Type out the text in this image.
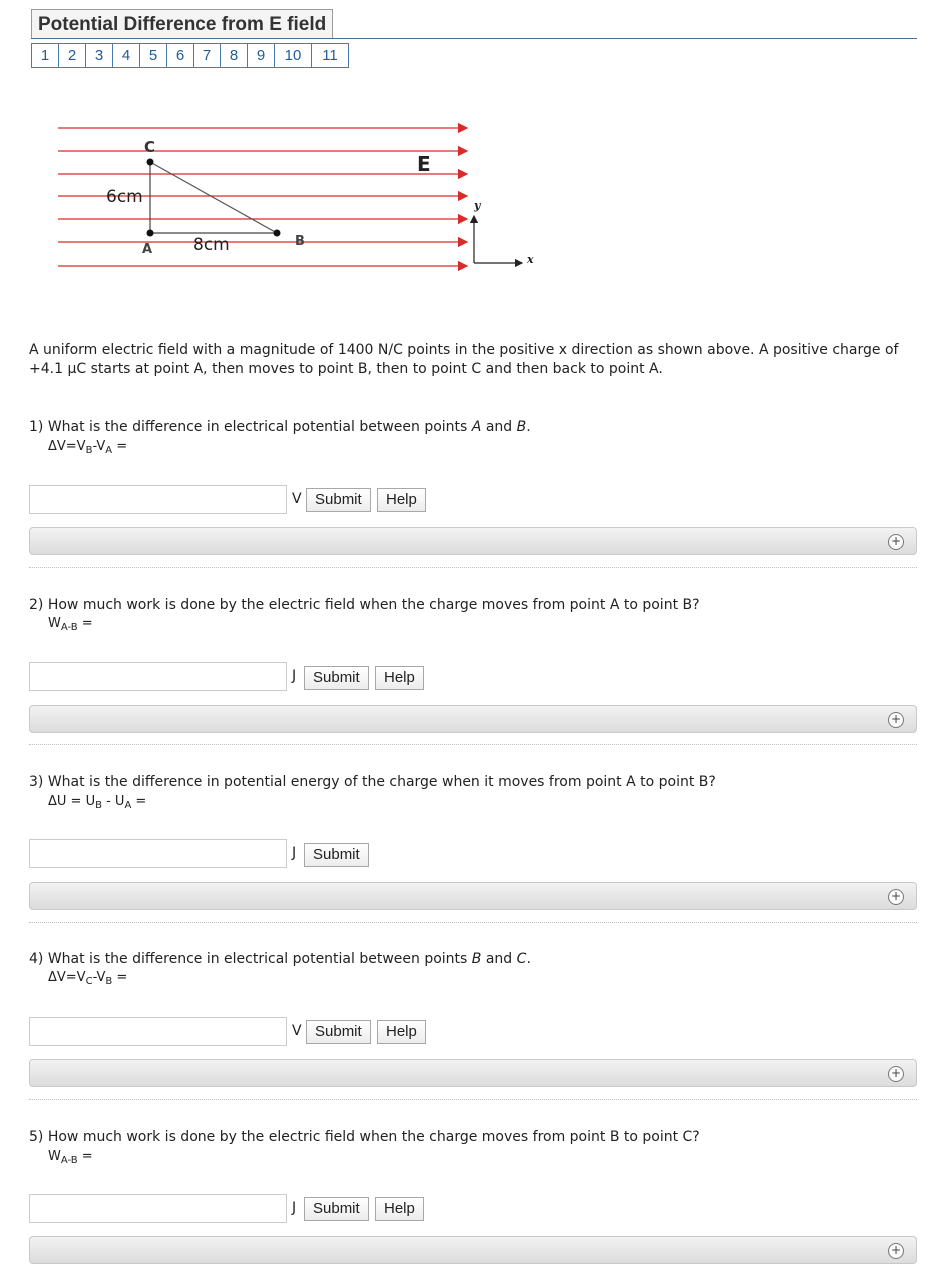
Potential Difference from E field
1	2	3	4	5	6	7	8	9	10	11
C
E
6cm
A 8cm	B
y
x
A uniform electric field with a magnitude of 1400 N/C points in the positive x direction as shown above. A positive charge of +4.1 μC starts at point A, then moves to point B, then to point C and then back to point A.
1) What is the difference in electrical potential between points A and B.
$\Delta V=V_B-V_A$ =
V Submit	Help
+
2) How much work is done by the electric field when the charge moves from point A to point B?
$W_{A-B}$ =
J	Submit	Help
+
3) What is the difference in potential energy of the charge when it moves from point A to point B?
$\Delta U = U_B - U_A$ =
J	Submit
+
4) What is the difference in electrical potential between points B and C.
$\Delta V=V_C-V_B$ =
V Submit	Help
+
5) How much work is done by the electric field when the charge moves from point B to point C?
$W_{A-B}$ =
J	Submit	Help
+
